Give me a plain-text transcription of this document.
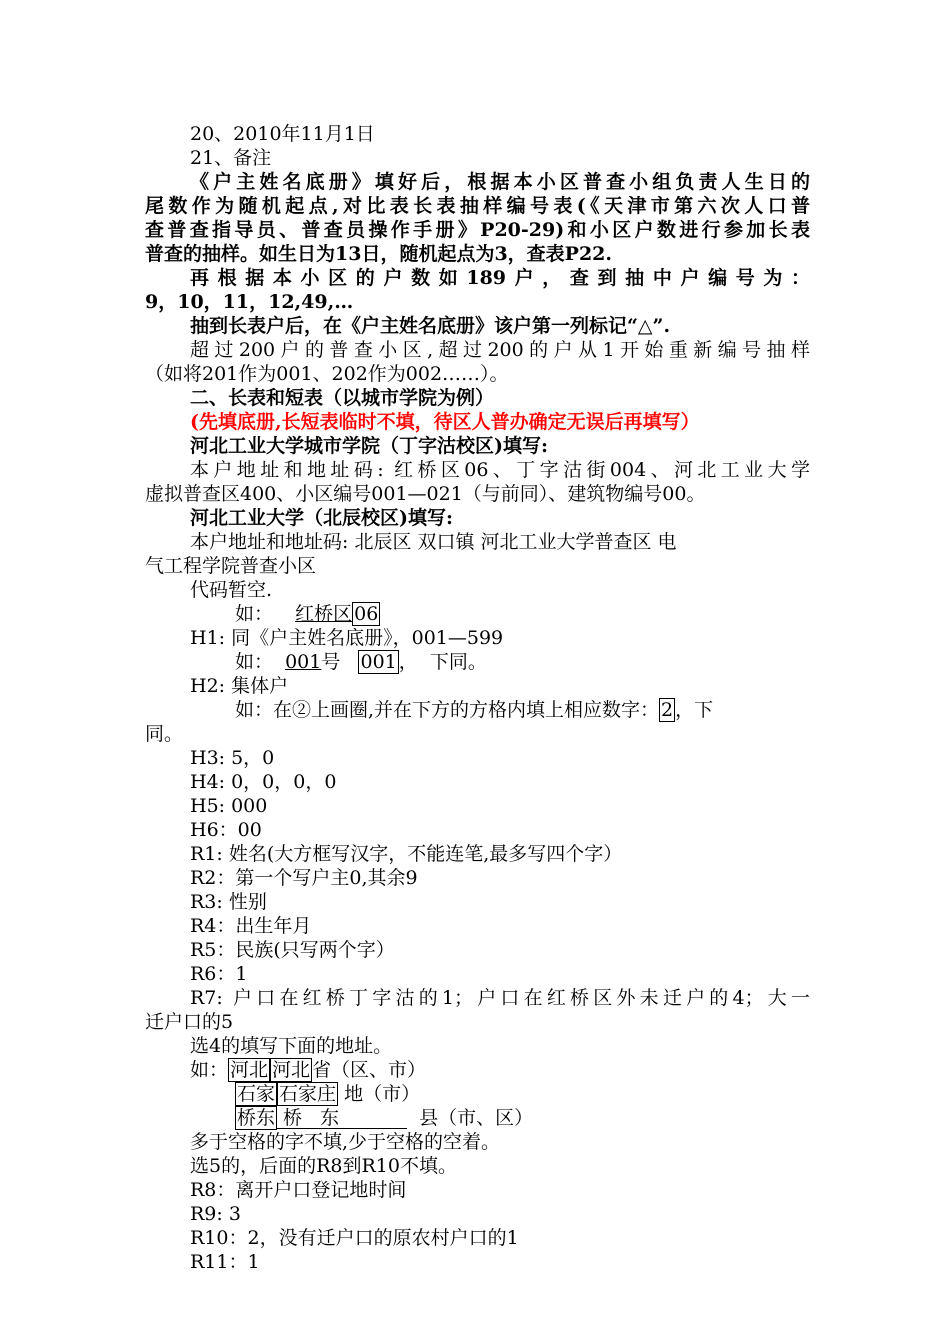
20、2010年11月1日
21、备注
《户主姓名底册》填好后，根据本小区普查小组负责人生日的
尾数作为随机起点,对比表长表抽样编号表(《天津市第六次人口普
查普查指导员、普查员操作手册》P20-29)和小区户数进行参加长表
普查的抽样。如生日为13日，随机起点为3，查表P22.
再根据本小区的户数如189户，查到抽中户编号为：
9，10，11，12,49,…
抽到长表户后，在《户主姓名底册》该户第一列标记“△”.
超过200户的普查小区,超过200的户从1开始重新编号抽样
（如将201作为001、202作为002……）。
二、长表和短表（以城市学院为例）
(先填底册,长短表临时不填，待区人普办确定无误后再填写）
河北工业大学城市学院（丁字沽校区)填写:
本户地址和地址码: 红桥区06、丁字沽街004、河北工业大学
虚拟普查区400、小区编号001—021（与前同）、建筑物编号00。
河北工业大学（北辰校区)填写:
本户地址和地址码: 北辰区 双口镇 河北工业大学普查区 电
气工程学院普查小区
代码暂空.
如：  红桥区 06
H1: 同《户主姓名底册》，001—599
如：  001号   001 ，  下同。
H2: 集体户
如：在②上画圈,并在下方的方格内填上相应数字： 2 ，下
同。
H3: 5，0
H4: 0，0，0，0
H5: 000
H6：00
R1: 姓名(大方框写汉字，不能连笔,最多写四个字）
R2：第一个写户主0,其余9
R3: 性别
R4：出生年月
R5：民族(只写两个字）
R6：1
R7: 户口在红桥丁字沽的1；户口在红桥区外未迁户的4；大一
迁户口的5
选4的填写下面的地址。
如： 河北 河北 省（区、市）
石家 石家庄 地（市）
桥东 桥   东	县（市、区）
多于空格的字不填,少于空格的空着。
选5的，后面的R8到R10不填。
R8：离开户口登记地时间
R9: 3
R10：2，没有迁户口的原农村户口的1
R11：1
